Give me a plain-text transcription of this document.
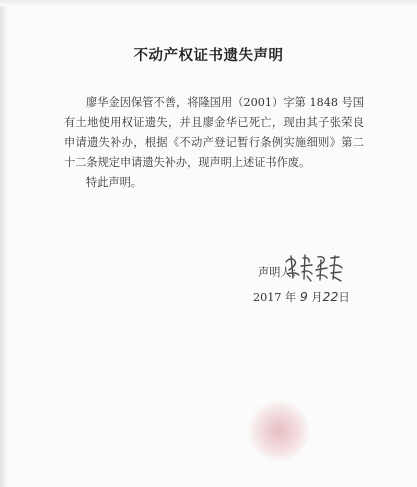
不动产权证书遗失声明

廖华金因保管不善，将隆国用（2001）字第 1848 号国有土地使用权证遗失，并且廖金华已死亡，现由其子张荣良申请遗失补办，根据《不动产登记暂行条例实施细则》第二十二条规定申请遗失补办，现声明上述证书作废。

特此声明。

声明人：
2017 年 9 月22日
